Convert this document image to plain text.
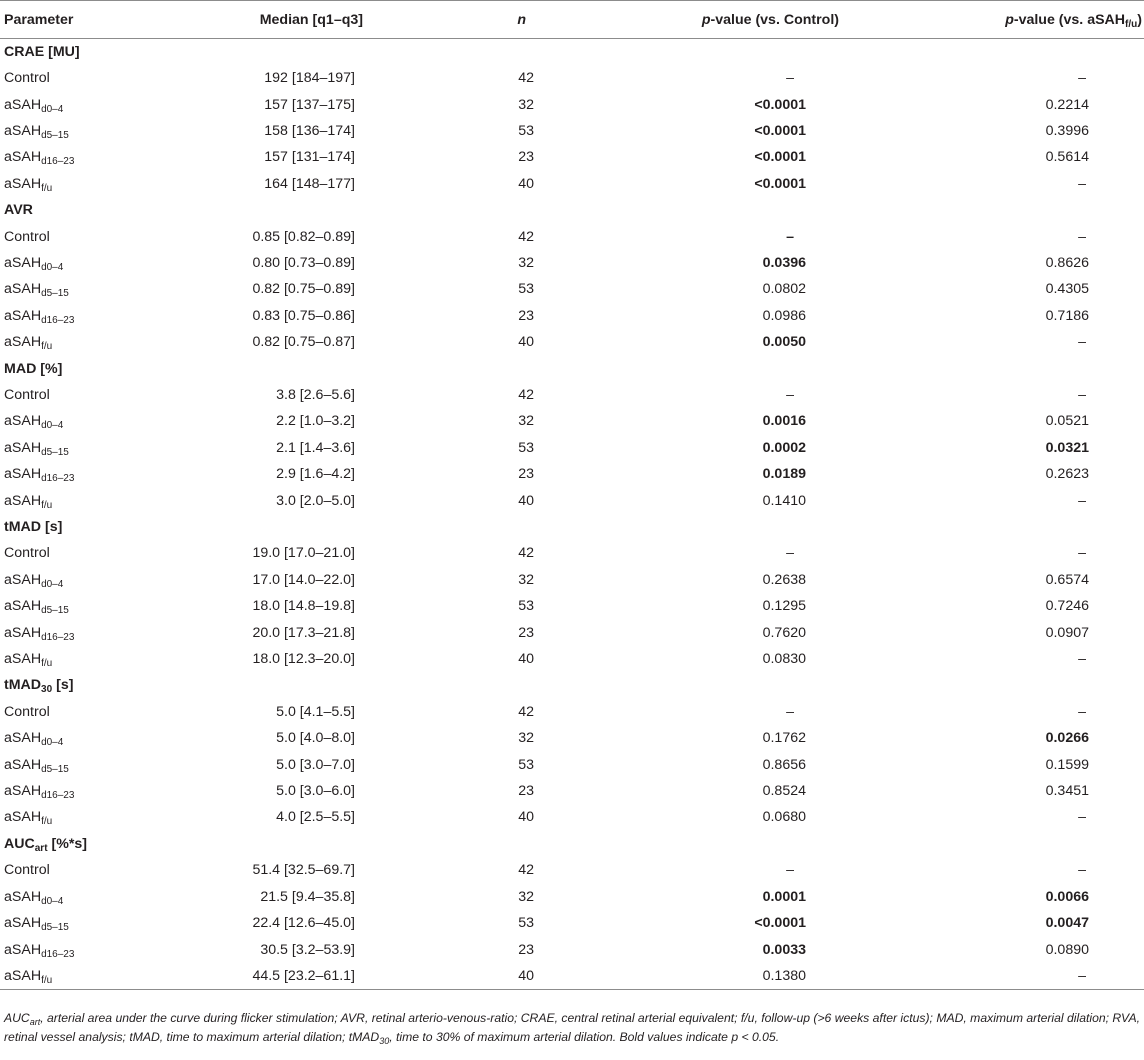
Parameter	Median [q1–q3]	n	p-value (vs. Control)	p-value (vs. aSAH$_{f/u}$)
CRAE [MU]				
Control	192 [184–197]	42	–	–
aSAH$_{d0-4}$	157 [137–175]	32	<0.0001	0.2214
aSAH$_{d5-15}$	158 [136–174]	53	<0.0001	0.3996
aSAH$_{d16-23}$	157 [131–174]	23	<0.0001	0.5614
aSAH$_{f/u}$	164 [148–177]	40	<0.0001	–
AVR				
Control	0.85 [0.82–0.89]	42	–	–
aSAH$_{d0-4}$	0.80 [0.73–0.89]	32	0.0396	0.8626
aSAH$_{d5-15}$	0.82 [0.75–0.89]	53	0.0802	0.4305
aSAH$_{d16-23}$	0.83 [0.75–0.86]	23	0.0986	0.7186
aSAH$_{f/u}$	0.82 [0.75–0.87]	40	0.0050	–
MAD [%]				
Control	3.8 [2.6–5.6]	42	–	–
aSAH$_{d0-4}$	2.2 [1.0–3.2]	32	0.0016	0.0521
aSAH$_{d5-15}$	2.1 [1.4–3.6]	53	0.0002	0.0321
aSAH$_{d16-23}$	2.9 [1.6–4.2]	23	0.0189	0.2623
aSAH$_{f/u}$	3.0 [2.0–5.0]	40	0.1410	–
tMAD [s]				
Control	19.0 [17.0–21.0]	42	–	–
aSAH$_{d0-4}$	17.0 [14.0–22.0]	32	0.2638	0.6574
aSAH$_{d5-15}$	18.0 [14.8–19.8]	53	0.1295	0.7246
aSAH$_{d16-23}$	20.0 [17.3–21.8]	23	0.7620	0.0907
aSAH$_{f/u}$	18.0 [12.3–20.0]	40	0.0830	–
tMAD$_{30}$ [s]				
Control	5.0 [4.1–5.5]	42	–	–
aSAH$_{d0-4}$	5.0 [4.0–8.0]	32	0.1762	0.0266
aSAH$_{d5-15}$	5.0 [3.0–7.0]	53	0.8656	0.1599
aSAH$_{d16-23}$	5.0 [3.0–6.0]	23	0.8524	0.3451
aSAH$_{f/u}$	4.0 [2.5–5.5]	40	0.0680	–
$AUC_{art}$ [%*s]				
Control	51.4 [32.5–69.7]	42	–	–
aSAH$_{d0-4}$	21.5 [9.4–35.8]	32	0.0001	0.0066
aSAH$_{d5-15}$	22.4 [12.6–45.0]	53	<0.0001	0.0047
aSAH$_{d16-23}$	30.5 [3.2–53.9]	23	0.0033	0.0890
aSAH$_{f/u}$	44.5 [23.2–61.1]	40	0.1380	–
$AUC_{art}$, arterial area under the curve during flicker stimulation; AVR, retinal arterio-venous-ratio; CRAE, central retinal arterial equivalent; f/u, follow-up (>6 weeks after ictus); MAD, maximum arterial dilation; RVA, retinal vessel analysis; tMAD, time to maximum arterial dilation; tMAD$_{30}$, time to 30% of maximum arterial dilation. Bold values indicate p < 0.05.
